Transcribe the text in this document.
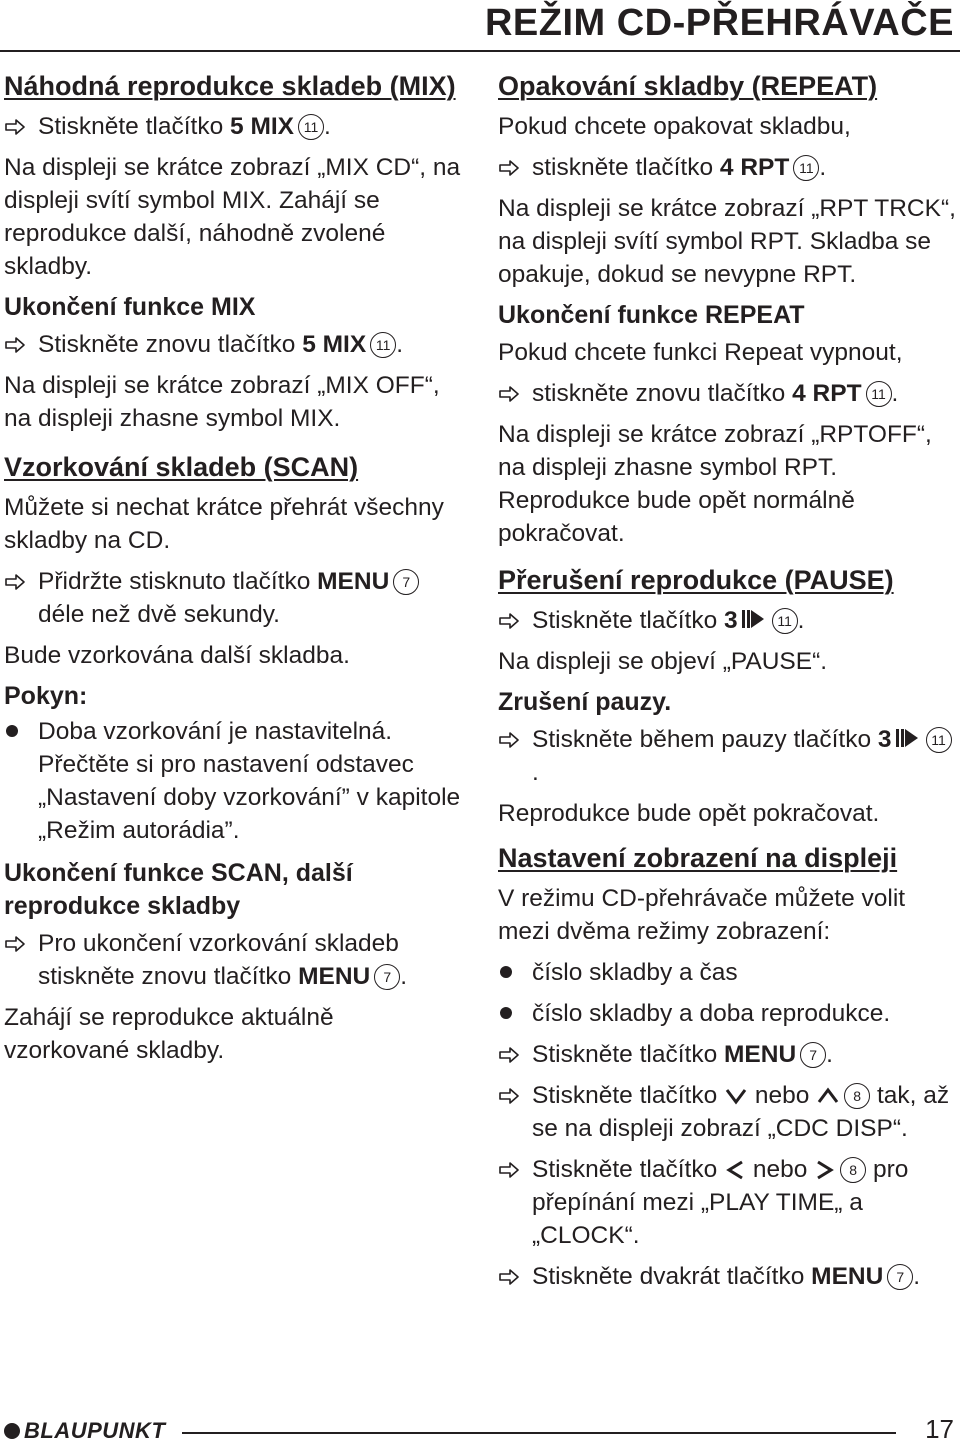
REŽIM CD-PŘEHRÁVAČE
Náhodná reprodukce skladeb (MIX)
Stiskněte tlačítko 5 MIX 11 .
Na displeji se krátce zobrazí „MIX CD“, na displeji svítí symbol MIX. Zahájí se reprodukce další, náhodně zvolené skladby.
Ukončení funkce MIX
Stiskněte znovu tlačítko 5 MIX 11 .
Na displeji se krátce zobrazí „MIX OFF“, na displeji zhasne symbol MIX.
Vzorkování skladeb (SCAN)
Můžete si nechat krátce přehrát všechny skladby na CD.
Přidržte stisknuto tlačítko MENU 7 déle než dvě sekundy.
Bude vzorkována další skladba.
Pokyn:
Doba vzorkování je nastavitelná. Přečtěte si pro nastavení odstavec „Nastavení doby vzorkování” v kapitole „Režim autorádia”.
Ukončení funkce SCAN, další reprodukce skladby
Pro ukončení vzorkování skladeb stiskněte znovu tlačítko MENU 7 .
Zahájí se reprodukce aktuálně vzorkované skladby.
Opakování skladby (REPEAT)
Pokud chcete opakovat skladbu,
stiskněte tlačítko 4 RPT 11 .
Na displeji se krátce zobrazí „RPT TRCK“, na displeji svítí symbol RPT. Skladba se opakuje, dokud se nevypne RPT.
Ukončení funkce REPEAT
Pokud chcete funkci Repeat vypnout,
stiskněte znovu tlačítko 4 RPT 11 .
Na displeji se krátce zobrazí „RPTOFF“, na displeji zhasne symbol RPT. Reprodukce bude opět normálně pokračovat.
Přerušení reprodukce (PAUSE)
Stiskněte tlačítko 3	11 .
Na displeji se objeví „PAUSE“.
Zrušení pauzy.
Stiskněte během pauzy tlačítko 3	11.
Reprodukce bude opět pokračovat.
Nastavení zobrazení na displeji
V režimu CD-přehrávače můžete volit mezi dvěma režimy zobrazení:
číslo skladby a čas
číslo skladby a doba reprodukce.
Stiskněte tlačítko MENU 7 .
Stiskněte tlačítko  nebo	8 tak, až se na displeji zobrazí „CDC DISP“.
Stiskněte tlačítko  nebo	8 pro přepínání mezi „PLAY TIME„ a „CLOCK“.
Stiskněte dvakrát tlačítko MENU 7 .
BLAUPUNKT	17
